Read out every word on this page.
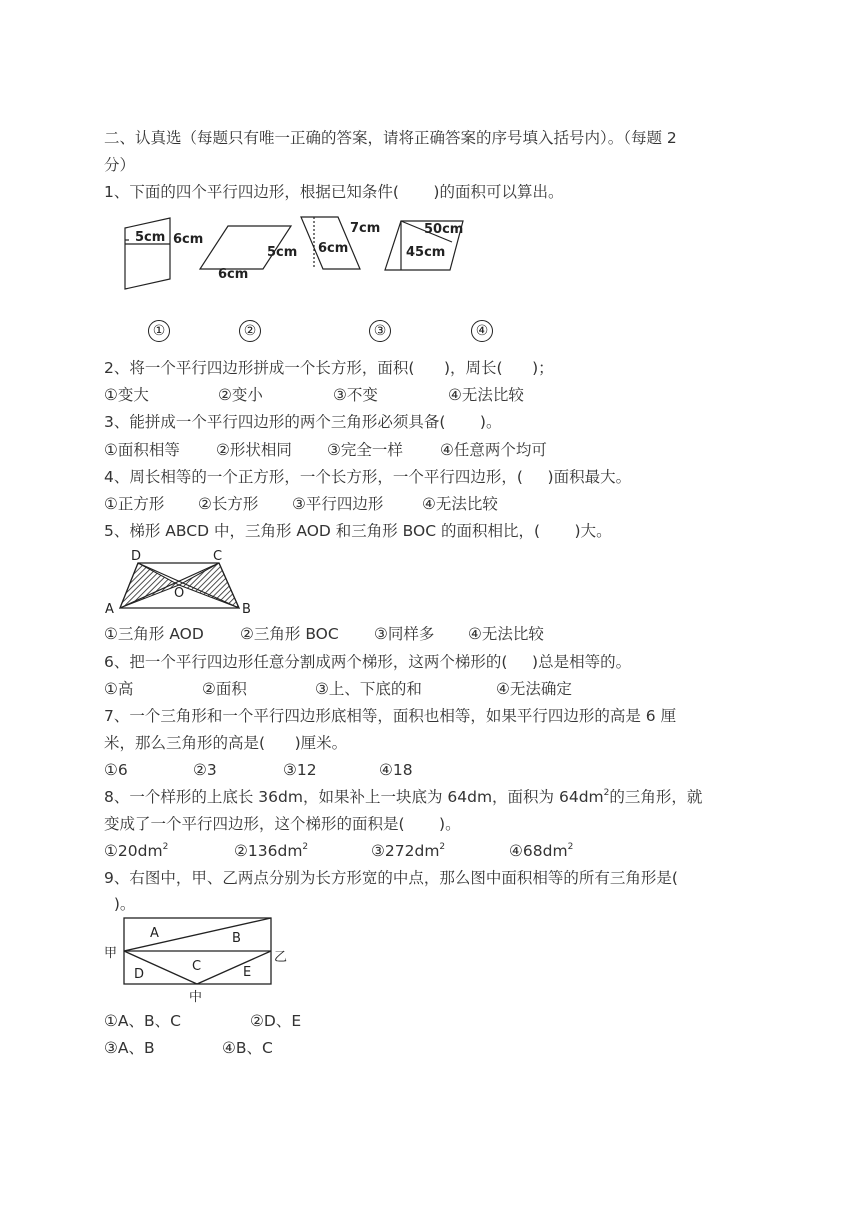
二、认真选（每题只有唯一正确的答案，请将正确答案的序号填入括号内）。（每题 2
分）
1、下面的四个平行四边形，根据已知条件(       )的面积可以算出。
5cm 6cm
5cm
6cm
7cm
6cm
50cm
45cm
①	②	③	④
2、将一个平行四边形拼成一个长方形，面积(      )，周长(      )；
①变大	②变小	③不变	④无法比较
3、能拼成一个平行四边形的两个三角形必须具备(       )。
①面积相等 ②形状相同 ③完全一样 ④任意两个均可
4、周长相等的一个正方形，一个长方形，一个平行四边形，(     )面积最大。
①正方形 ②长方形 ③平行四边形 ④无法比较
5、梯形 ABCD 中，三角形 AOD 和三角形 BOC 的面积相比，(       )大。
D	C
O
A	B
①三角形 AOD ②三角形 BOC ③同样多 ④无法比较
6、把一个平行四边形任意分割成两个梯形，这两个梯形的(     )总是相等的。
①高	②面积	③上、下底的和	④无法确定
7、一个三角形和一个平行四边形底相等，面积也相等，如果平行四边形的高是 6 厘
米，那么三角形的高是(      )厘米。
①6	②3	③12	④18
8、一个样形的上底长 36dm，如果补上一块底为 64dm，面积为 $64dm^2$的三角形，就
变成了一个平行四边形，这个梯形的面积是(       )。
$①20dm^2$	$②136dm^2$	$③272dm^2$	$④68dm^2$
9、右图中，甲、乙两点分别为长方形宽的中点，那么图中面积相等的所有三角形是(
)。
A	B
C
D	E
甲	乙
中
①A、B、C	②D、E
③A、B	④B、C
